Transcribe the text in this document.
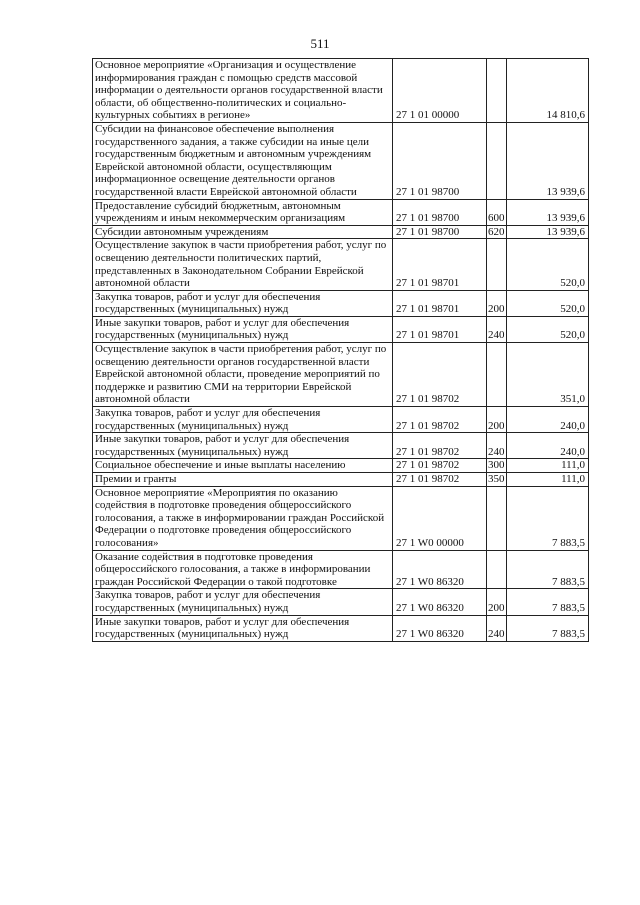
511
Основное мероприятие «Организация и осуществление информирования граждан с помощью средств массовой информации о деятельности органов государственной власти области, об общественно-политических и социально-культурных событиях в регионе»	27 1 01 00000		14 810,6
Субсидии на финансовое обеспечение выполнения государственного задания, а также субсидии на иные цели государственным бюджетным и автономным учреждениям Еврейской автономной области, осуществляющим информационное освещение деятельности органов государственной власти Еврейской автономной области	27 1 01 98700		13 939,6
Предоставление субсидий бюджетным, автономным учреждениям и иным некоммерческим организациям	27 1 01 98700	600	13 939,6
Субсидии автономным учреждениям	27 1 01 98700	620	13 939,6
Осуществление закупок в части приобретения работ, услуг по освещению деятельности политических партий, представленных в Законодательном Собрании Еврейской автономной области	27 1 01 98701		520,0
Закупка товаров, работ и услуг для обеспечения государственных (муниципальных) нужд	27 1 01 98701	200	520,0
Иные закупки товаров, работ и услуг для обеспечения государственных (муниципальных) нужд	27 1 01 98701	240	520,0
Осуществление закупок в части приобретения работ, услуг по освещению деятельности органов государственной власти Еврейской автономной области, проведение мероприятий по поддержке и развитию СМИ на территории Еврейской автономной области	27 1 01 98702		351,0
Закупка товаров, работ и услуг для обеспечения государственных (муниципальных) нужд	27 1 01 98702	200	240,0
Иные закупки товаров, работ и услуг для обеспечения государственных (муниципальных) нужд	27 1 01 98702	240	240,0
Социальное обеспечение и иные выплаты населению	27 1 01 98702	300	111,0
Премии и гранты	27 1 01 98702	350	111,0
Основное мероприятие «Мероприятия по оказанию содействия в подготовке проведения общероссийского голосования, а также в информировании граждан Российской Федерации о подготовке проведения общероссийского голосования»	27 1 W0 00000		7 883,5
Оказание содействия в подготовке проведения общероссийского голосования, а также в информировании граждан Российской Федерации о такой подготовке	27 1 W0 86320		7 883,5
Закупка товаров, работ и услуг для обеспечения государственных (муниципальных) нужд	27 1 W0 86320	200	7 883,5
Иные закупки товаров, работ и услуг для обеспечения государственных (муниципальных) нужд	27 1 W0 86320	240	7 883,5
